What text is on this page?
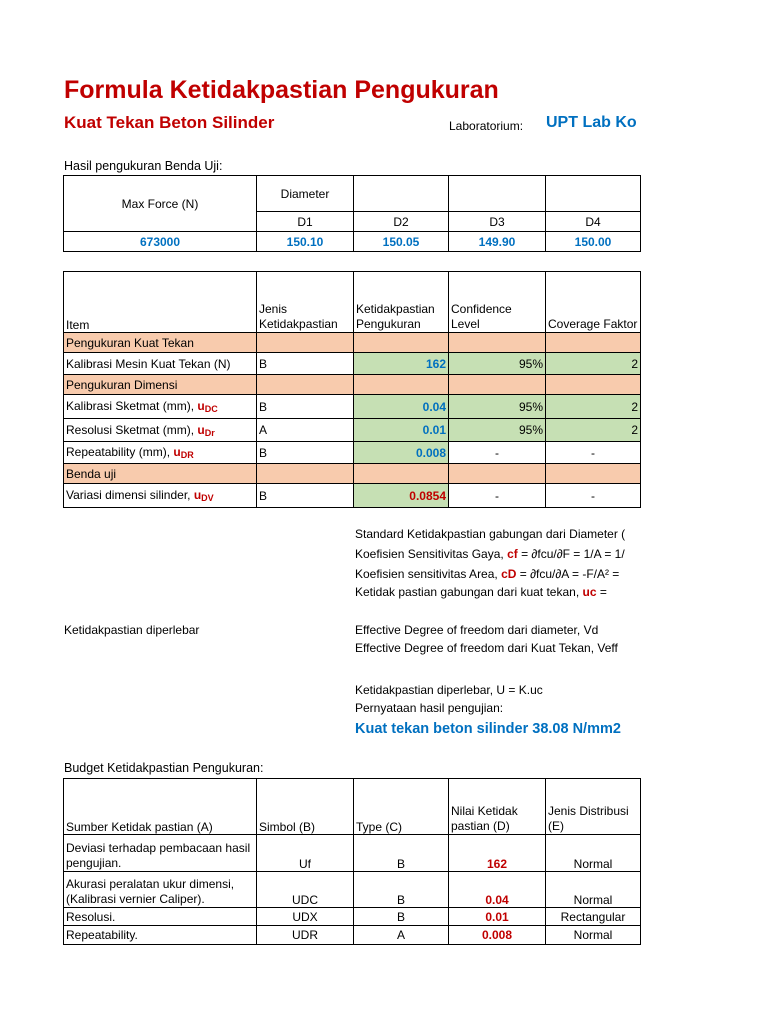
Formula Ketidakpastian Pengukuran
Kuat Tekan Beton Silinder	Laboratorium: UPT Lab Ko
Hasil pengukuran Benda Uji:
Max Force (N)	Diameter			
	D1	D2	D3	D4
673000	150.10	150.05	149.90	150.00
Item	Jenis Ketidakpastian	Ketidakpastian Pengukuran	Confidence Level	Coverage Faktor
Pengukuran Kuat Tekan				
Kalibrasi Mesin Kuat Tekan (N)	B	162	95%	2
Pengukuran Dimensi				
Kalibrasi Sketmat (mm), $u_{DC}$	B	0.04	95%	2
Resolusi Sketmat (mm), $u_{Dr}$	A	0.01	95%	2
Repeatability (mm), $u_{DR}$	B	0.008	-	-
Benda uji				
Variasi dimensi silinder, $u_{DV}$	B	0.0854	-	-
Standard Ketidakpastian gabungan dari Diameter (
Koefisien Sensitivitas Gaya, cf = ∂fcu/∂F = 1/A = 1/
Koefisien sensitivitas Area, cD = ∂fcu/∂A = -F/A² =
Ketidak pastian gabungan dari kuat tekan, uc =
Ketidakpastian diperlebar	Effective Degree of freedom dari diameter, Vd
Effective Degree of freedom dari Kuat Tekan, Veff
Ketidakpastian diperlebar, U = K.uc
Pernyataan hasil pengujian:
Kuat tekan beton silinder 38.08 N/mm2
Budget Ketidakpastian Pengukuran:
Sumber Ketidak pastian (A)	Simbol (B)	Type (C)	Nilai Ketidak pastian (D)	Jenis Distribusi (E)
Deviasi terhadap pembacaan hasil pengujian.	Uf	B	162	Normal
Akurasi peralatan ukur dimensi, (Kalibrasi vernier Caliper).	UDC	B	0.04	Normal
Resolusi.	UDX	B	0.01	Rectangular
Repeatability.	UDR	A	0.008	Normal
